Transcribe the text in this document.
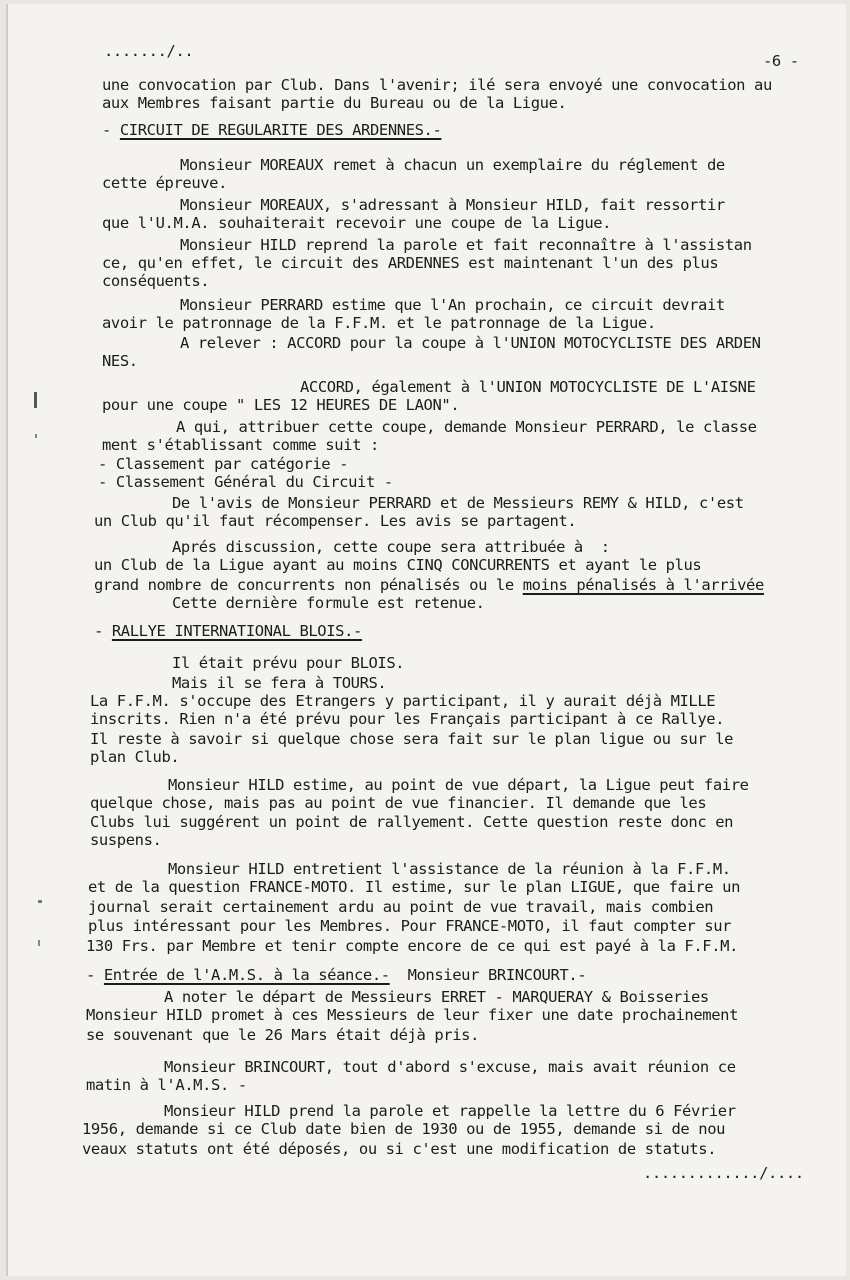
......./..
-6 -
une convocation par Club. Dans l'avenir; ilé sera envoyé une convocation au
aux Membres faisant partie du Bureau ou de la Ligue.
- CIRCUIT DE REGULARITE DES ARDENNES.-
Monsieur MOREAUX remet à chacun un exemplaire du réglement de
cette épreuve.
Monsieur MOREAUX, s'adressant à Monsieur HILD, fait ressortir
que l'U.M.A. souhaiterait recevoir une coupe de la Ligue.
Monsieur HILD reprend la parole et fait reconnaître à l'assistan
ce, qu'en effet, le circuit des ARDENNES est maintenant l'un des plus
conséquents.
Monsieur PERRARD estime que l'An prochain, ce circuit devrait
avoir le patronnage de la F.F.M. et le patronnage de la Ligue.
A relever : ACCORD pour la coupe à l'UNION MOTOCYCLISTE DES ARDEN
NES.
ACCORD, également à l'UNION MOTOCYCLISTE DE L'AISNE
pour une coupe " LES 12 HEURES DE LAON".
A qui, attribuer cette coupe, demande Monsieur PERRARD, le classe
ment s'établissant comme suit :
- Classement par catégorie -
- Classement Général du Circuit -
De l'avis de Monsieur PERRARD et de Messieurs REMY & HILD, c'est
un Club qu'il faut récompenser. Les avis se partagent.
Aprés discussion, cette coupe sera attribuée à  :
un Club de la Ligue ayant au moins CINQ CONCURRENTS et ayant le plus
grand nombre de concurrents non pénalisés ou le moins pénalisés à l'arrivée
Cette dernière formule est retenue.
- RALLYE INTERNATIONAL BLOIS.-
Il était prévu pour BLOIS.
Mais il se fera à TOURS.
La F.F.M. s'occupe des Etrangers y participant, il y aurait déjà MILLE
inscrits. Rien n'a été prévu pour les Français participant à ce Rallye.
Il reste à savoir si quelque chose sera fait sur le plan ligue ou sur le
plan Club.
Monsieur HILD estime, au point de vue départ, la Ligue peut faire
quelque chose, mais pas au point de vue financier. Il demande que les
Clubs lui suggérent un point de rallyement. Cette question reste donc en
suspens.
Monsieur HILD entretient l'assistance de la réunion à la F.F.M.
et de la question FRANCE-MOTO. Il estime, sur le plan LIGUE, que faire un
journal serait certainement ardu au point de vue travail, mais combien
plus intéressant pour les Membres. Pour FRANCE-MOTO, il faut compter sur
130 Frs. par Membre et tenir compte encore de ce qui est payé à la F.F.M.
- Entrée de l'A.M.S. à la séance.-  Monsieur BRINCOURT.-
A noter le départ de Messieurs ERRET - MARQUERAY & Boisseries
Monsieur HILD promet à ces Messieurs de leur fixer une date prochainement
se souvenant que le 26 Mars était déjà pris.
Monsieur BRINCOURT, tout d'abord s'excuse, mais avait réunion ce
matin à l'A.M.S. -
Monsieur HILD prend la parole et rappelle la lettre du 6 Février
1956, demande si ce Club date bien de 1930 ou de 1955, demande si de nou
veaux statuts ont été déposés, ou si c'est une modification de statuts.
............./....
